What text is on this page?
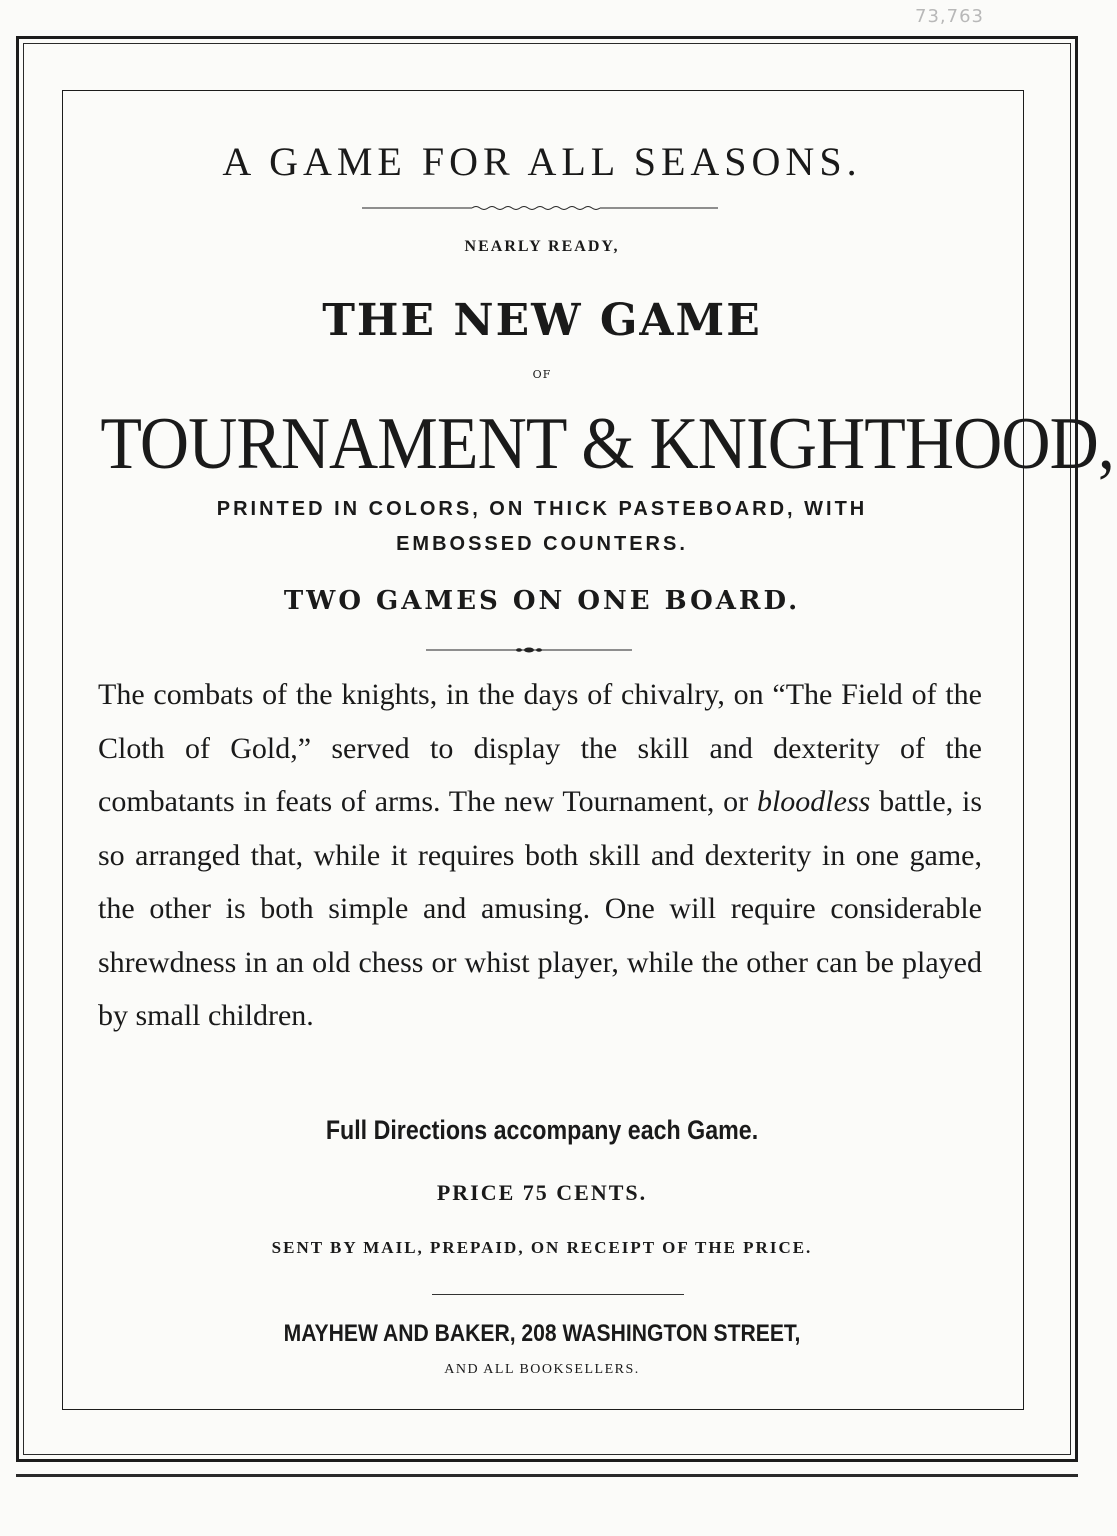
73,763
A GAME FOR ALL SEASONS.
NEARLY READY,
THE NEW GAME
OF
TOURNAMENT & KNIGHTHOOD,
PRINTED IN COLORS, ON THICK PASTEBOARD, WITH
EMBOSSED COUNTERS.
TWO GAMES ON ONE BOARD.
The combats of the knights, in the days of chivalry, on “The Field of the Cloth of Gold,” served to display the skill and dexterity of the combatants in feats of arms. The new Tournament, or bloodless battle, is so arranged that, while it requires both skill and dexterity in one game, the other is both simple and amusing. One will require considerable shrewdness in an old chess or whist player, while the other can be played by small children.
Full Directions accompany each Game.
PRICE 75 CENTS.
SENT BY MAIL, PREPAID, ON RECEIPT OF THE PRICE.
MAYHEW AND BAKER, 208 WASHINGTON STREET,
AND ALL BOOKSELLERS.
